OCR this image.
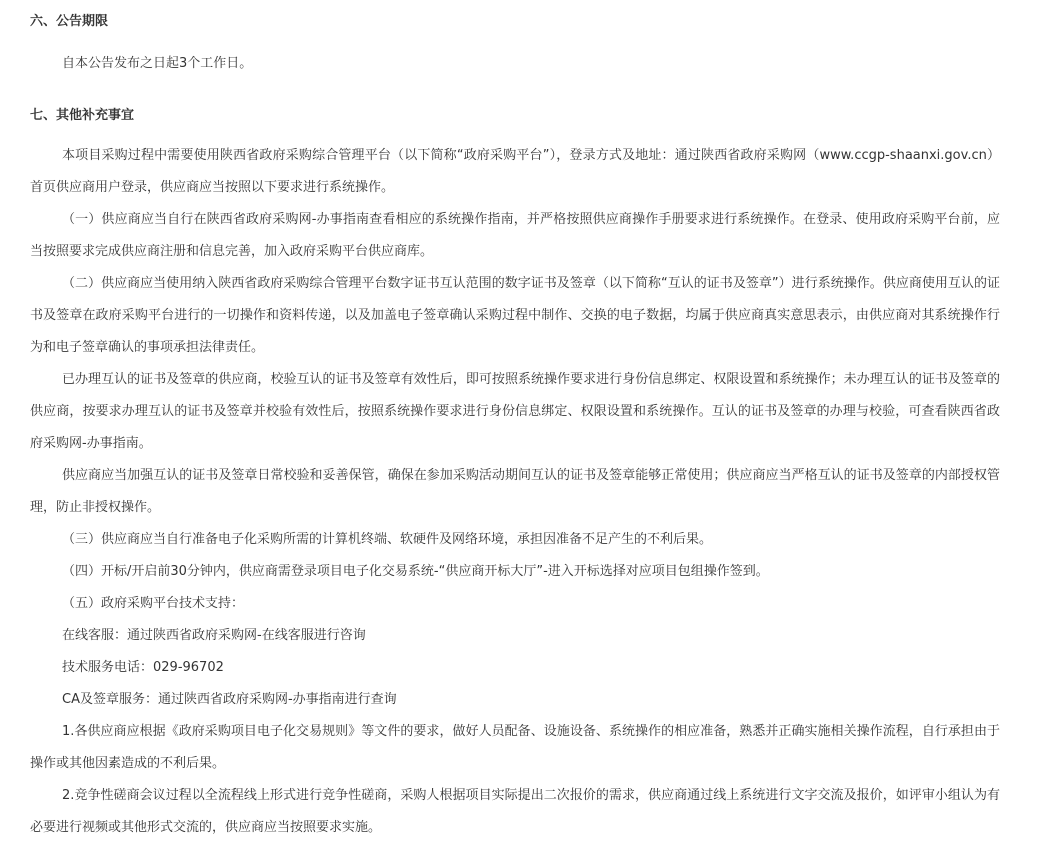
六、公告期限
自本公告发布之日起3个工作日。
七、其他补充事宜
本项目采购过程中需要使用陕西省政府采购综合管理平台（以下简称“政府采购平台”），登录方式及地址：通过陕西省政府采购网（www.ccgp-shaanxi.gov.cn）首页供应商用户登录，供应商应当按照以下要求进行系统操作。
（一）供应商应当自行在陕西省政府采购网-办事指南查看相应的系统操作指南，并严格按照供应商操作手册要求进行系统操作。在登录、使用政府采购平台前，应当按照要求完成供应商注册和信息完善，加入政府采购平台供应商库。
（二）供应商应当使用纳入陕西省政府采购综合管理平台数字证书互认范围的数字证书及签章（以下简称“互认的证书及签章”）进行系统操作。供应商使用互认的证书及签章在政府采购平台进行的一切操作和资料传递，以及加盖电子签章确认采购过程中制作、交换的电子数据，均属于供应商真实意思表示，由供应商对其系统操作行为和电子签章确认的事项承担法律责任。
已办理互认的证书及签章的供应商，校验互认的证书及签章有效性后，即可按照系统操作要求进行身份信息绑定、权限设置和系统操作；未办理互认的证书及签章的供应商，按要求办理互认的证书及签章并校验有效性后，按照系统操作要求进行身份信息绑定、权限设置和系统操作。互认的证书及签章的办理与校验，可查看陕西省政府采购网-办事指南。
供应商应当加强互认的证书及签章日常校验和妥善保管，确保在参加采购活动期间互认的证书及签章能够正常使用；供应商应当严格互认的证书及签章的内部授权管理，防止非授权操作。
（三）供应商应当自行准备电子化采购所需的计算机终端、软硬件及网络环境，承担因准备不足产生的不利后果。
（四）开标/开启前30分钟内，供应商需登录项目电子化交易系统-“供应商开标大厅”-进入开标选择对应项目包组操作签到。
（五）政府采购平台技术支持：
在线客服：通过陕西省政府采购网-在线客服进行咨询
技术服务电话：029-96702
CA及签章服务：通过陕西省政府采购网-办事指南进行查询
1.各供应商应根据《政府采购项目电子化交易规则》等文件的要求，做好人员配备、设施设备、系统操作的相应准备，熟悉并正确实施相关操作流程，自行承担由于操作或其他因素造成的不利后果。
2.竞争性磋商会议过程以全流程线上形式进行竞争性磋商，采购人根据项目实际提出二次报价的需求，供应商通过线上系统进行文字交流及报价，如评审小组认为有必要进行视频或其他形式交流的，供应商应当按照要求实施。
